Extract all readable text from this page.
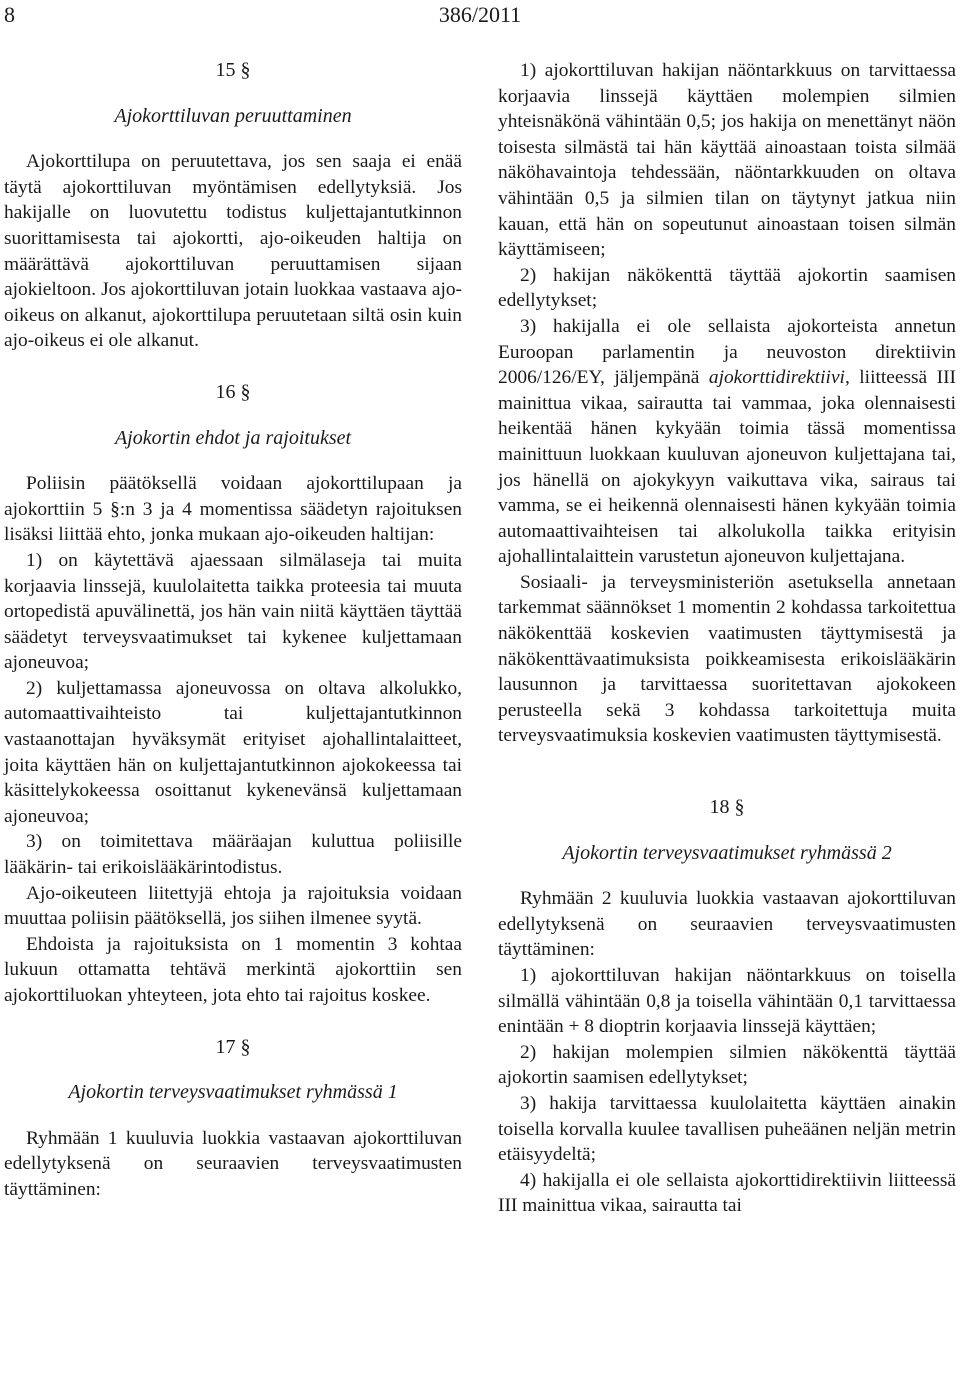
8	386/2011
15 §
Ajokorttiluvan peruuttaminen

Ajokorttilupa on peruutettava, jos sen saaja ei enää täytä ajokorttiluvan myöntämisen edellytyksiä. Jos hakijalle on luovutettu todistus kuljettajantutkinnon suorittamisesta tai ajokortti, ajo-oikeuden haltija on määrättävä ajokorttiluvan peruuttamisen sijaan ajokieltoon. Jos ajokorttiluvan jotain luokkaa vastaava ajo-oikeus on alkanut, ajokorttilupa peruutetaan siltä osin kuin ajo-oikeus ei ole alkanut.

16 §
Ajokortin ehdot ja rajoitukset

Poliisin päätöksellä voidaan ajokorttilupaan ja ajokorttiin 5 §:n 3 ja 4 momentissa säädetyn rajoituksen lisäksi liittää ehto, jonka mukaan ajo-oikeuden haltijan:

1) on käytettävä ajaessaan silmälaseja tai muita korjaavia linssejä, kuulolaitetta taikka proteesia tai muuta ortopedistä apuvälinettä, jos hän vain niitä käyttäen täyttää säädetyt terveysvaatimukset tai kykenee kuljettamaan ajoneuvoa;

2) kuljettamassa ajoneuvossa on oltava alkolukko, automaattivaihteisto tai kuljettajantutkinnon vastaanottajan hyväksymät erityiset ajohallintalaitteet, joita käyttäen hän on kuljettajantutkinnon ajokokeessa tai käsittelykokeessa osoittanut kykenevänsä kuljettamaan ajoneuvoa;

3) on toimitettava määräajan kuluttua poliisille lääkärin- tai erikoislääkärintodistus.

Ajo-oikeuteen liitettyjä ehtoja ja rajoituksia voidaan muuttaa poliisin päätöksellä, jos siihen ilmenee syytä.

Ehdoista ja rajoituksista on 1 momentin 3 kohtaa lukuun ottamatta tehtävä merkintä ajokorttiin sen ajokorttiluokan yhteyteen, jota ehto tai rajoitus koskee.

17 §
Ajokortin terveysvaatimukset ryhmässä 1

Ryhmään 1 kuuluvia luokkia vastaavan ajokorttiluvan edellytyksenä on seuraavien terveysvaatimusten täyttäminen:

1) ajokorttiluvan hakijan näöntarkkuus on tarvittaessa korjaavia linssejä käyttäen molempien silmien yhteisnäkönä vähintään 0,5; jos hakija on menettänyt näön toisesta silmästä tai hän käyttää ainoastaan toista silmää näköhavaintoja tehdessään, näöntarkkuuden on oltava vähintään 0,5 ja silmien tilan on täytynyt jatkua niin kauan, että hän on sopeutunut ainoastaan toisen silmän käyttämiseen;

2) hakijan näkökenttä täyttää ajokortin saamisen edellytykset;

3) hakijalla ei ole sellaista ajokorteista annetun Euroopan parlamentin ja neuvoston direktiivin 2006/126/EY, jäljempänä ajokorttidirektiivi, liitteessä III mainittua vikaa, sairautta tai vammaa, joka olennaisesti heikentää hänen kykyään toimia tässä momentissa mainittuun luokkaan kuuluvan ajoneuvon kuljettajana tai, jos hänellä on ajokykyyn vaikuttava vika, sairaus tai vamma, se ei heikennä olennaisesti hänen kykyään toimia automaattivaihteisen tai alkolukolla taikka erityisin ajohallintalaittein varustetun ajoneuvon kuljettajana.

Sosiaali- ja terveysministeriön asetuksella annetaan tarkemmat säännökset 1 momentin 2 kohdassa tarkoitettua näkökenttää koskevien vaatimusten täyttymisestä ja näkökenttävaatimuksista poikkeamisesta erikoislääkärin lausunnon ja tarvittaessa suoritettavan ajokokeen perusteella sekä 3 kohdassa tarkoitettuja muita terveysvaatimuksia koskevien vaatimusten täyttymisestä.

18 §
Ajokortin terveysvaatimukset ryhmässä 2

Ryhmään 2 kuuluvia luokkia vastaavan ajokorttiluvan edellytyksenä on seuraavien terveysvaatimusten täyttäminen:

1) ajokorttiluvan hakijan näöntarkkuus on toisella silmällä vähintään 0,8 ja toisella vähintään 0,1 tarvittaessa enintään + 8 dioptrin korjaavia linssejä käyttäen;

2) hakijan molempien silmien näkökenttä täyttää ajokortin saamisen edellytykset;

3) hakija tarvittaessa kuulolaitetta käyttäen ainakin toisella korvalla kuulee tavallisen puheäänen neljän metrin etäisyydeltä;

4) hakijalla ei ole sellaista ajokorttidirektiivin liitteessä III mainittua vikaa, sairautta tai
